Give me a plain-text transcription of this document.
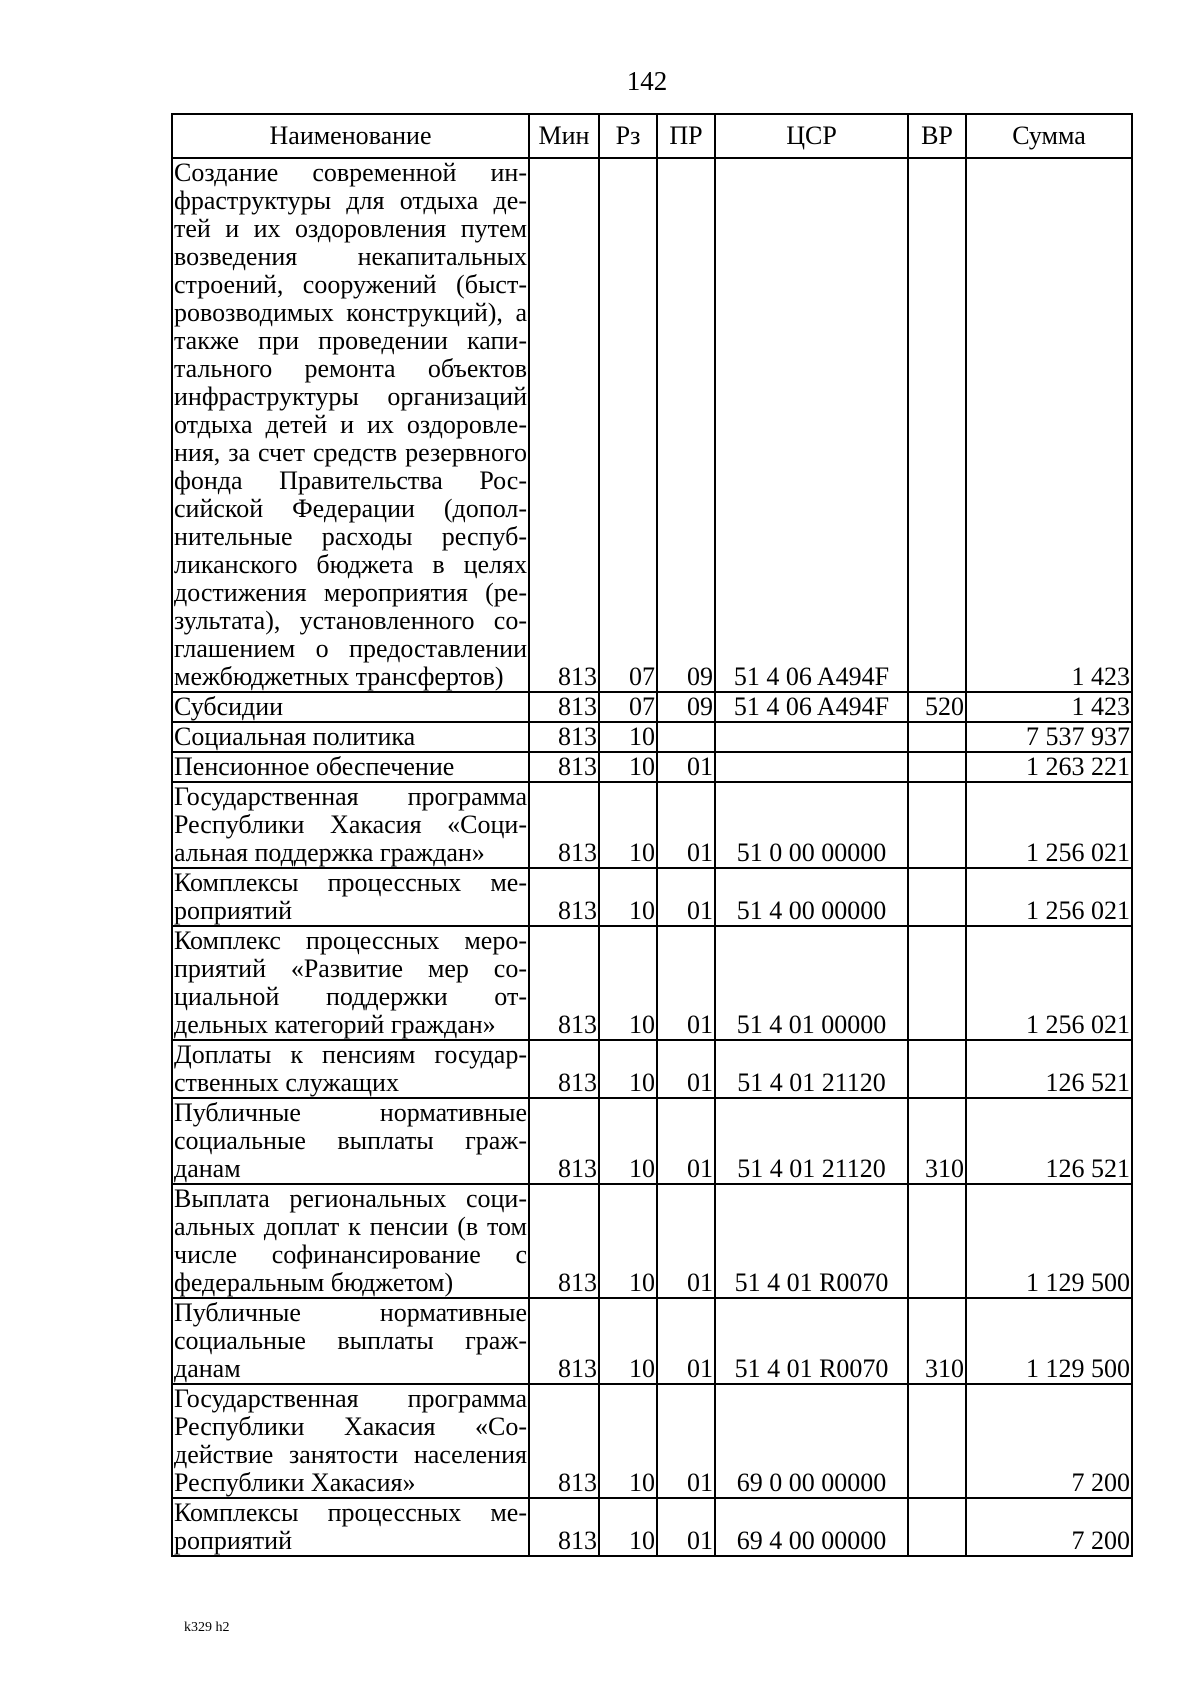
142
Наименование	Мин	Рз	ПР	ЦСР	ВР	Сумма
Создание современной инфраструктуры для отдыха детей и их оздоровления путем возведения некапитальных строений, сооружений (быстровозводимых конструкций), а также при проведении капитального ремонта объектов инфраструктуры организаций отдыха детей и их оздоровления, за счет средств резервного фонда Правительства Российской Федерации (дополнительные расходы республиканского бюджета в целях достижения мероприятия (результата), установленного соглашением о предоставлении межбюджетных трансфертов)	813	07	09	51 4 06 A494F		1 423
Субсидии	813	07	09	51 4 06 A494F	520	1 423
Социальная политика	813	10				7 537 937
Пенсионное обеспечение	813	10	01			1 263 221
Государственная программа Республики Хакасия «Социальная поддержка граждан»	813	10	01	51 0 00 00000		1 256 021
Комплексы процессных мероприятий	813	10	01	51 4 00 00000		1 256 021
Комплекс процессных мероприятий «Развитие мер социальной поддержки отдельных категорий граждан»	813	10	01	51 4 01 00000		1 256 021
Доплаты к пенсиям государственных служащих	813	10	01	51 4 01 21120		126 521
Публичные нормативные социальные выплаты гражданам	813	10	01	51 4 01 21120	310	126 521
Выплата региональных социальных доплат к пенсии (в том числе софинансирование с федеральным бюджетом)	813	10	01	51 4 01 R0070		1 129 500
Публичные нормативные социальные выплаты гражданам	813	10	01	51 4 01 R0070	310	1 129 500
Государственная программа Республики Хакасия «Содействие занятости населения Республики Хакасия»	813	10	01	69 0 00 00000		7 200
Комплексы процессных мероприятий	813	10	01	69 4 00 00000		7 200
k329 h2
